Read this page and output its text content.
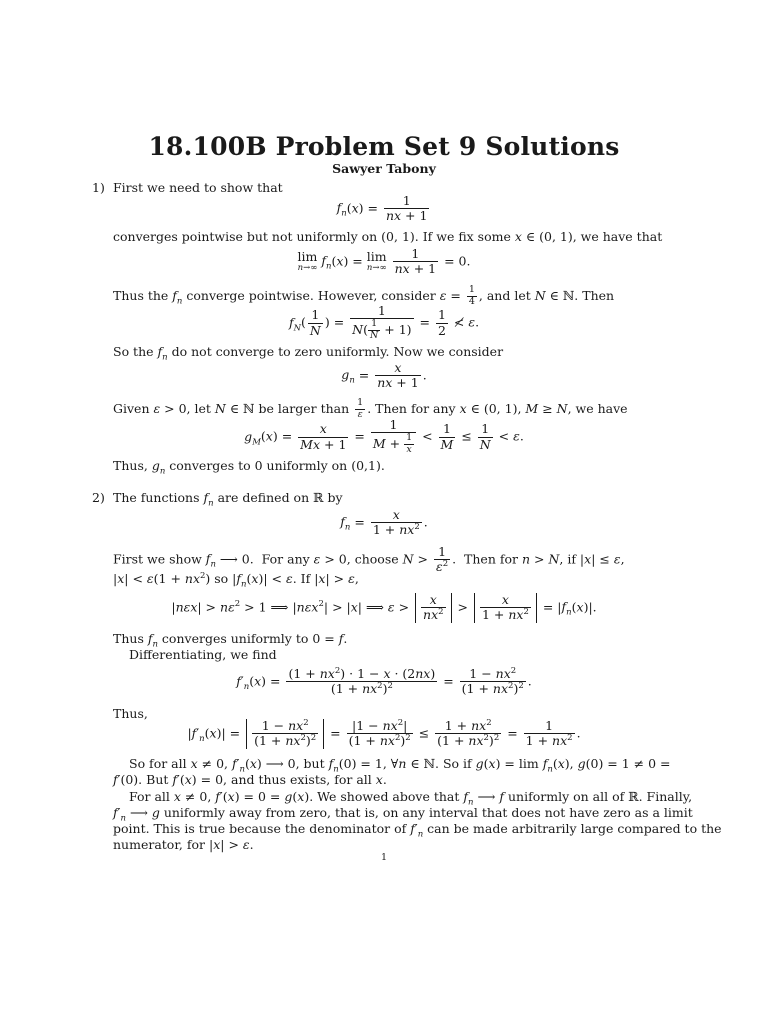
18.100B Problem Set 9 Solutions
Sawyer Tabony
1) First we need to show that
$f_n(x) = \frac{1}{nx + 1}$
converges pointwise but not uniformly on (0, 1). If we fix some x ∈ (0, 1), we have that
lim
n→∞ $f_n(x) = \lim$
n→∞
$\frac{1}{nx + 1} = 0$.
Thus the $f_n$ converge pointwise. However, consider $\varepsilon = \frac{1}{4}$ , and let N ∈ ℕ. Then
$f_N( \frac{1}{N}$ ) = $\frac{1}{N( \frac{1}{N} + 1)} = \frac{1}{2}$ ≮ ε.
So the $f_n$ do not converge to zero uniformly. Now we consider
$g_n = \frac{x}{nx + 1}$ .
Given ε > 0, let N ∈ ℕ be larger than $\frac{1}{\varepsilon}$ . Then for any x ∈ (0, 1), M ≥ N, we have
$g_M(x) = \frac{x}{Mx + 1} = \frac{1}{M + \frac{1}{x}} < \frac{1}{M} \le \frac{1}{N} < \varepsilon$.
Thus, $g_n$ converges to 0 uniformly on (0,1).
2) The functions $f_n$ are defined on ℝ by
$f_n = \frac{x}{1 + nx^2}$ .
First we show $f_n$ ⟶ 0.  For any ε > 0, choose $N > \frac{1}{\varepsilon^2}$ .  Then for n > N, if |x| ≤ ε,
$|x| < \varepsilon(1 + nx^2)$ so $|f_n(x)| < \varepsilon$. If |x| > ε,
$|n\varepsilon x| > n\varepsilon^2 > 1$ ⟹ |nεx$^2$| > |x| ⟹ $\varepsilon > \frac{x}{nx^2} > \frac{x}{1 + nx^2} = |f_n(x)|$.
Thus $f_n$ converges uniformly to 0 = f.
Differentiating, we find
$f'_n(x) = \frac{(1 + nx^2) \cdot 1 - x \cdot (2nx)}{(1 + nx^2)^2} = \frac{1 - nx^2}{(1 + nx^2)^2}$ .
Thus,
$|f'_n(x)| = \frac{1 - nx^2}{(1 + nx^2)^2} = \frac{|1 - nx^2|}{(1 + nx^2)^2} \le \frac{1 + nx^2}{(1 + nx^2)^2} = \frac{1}{1 + nx^2}$ .
So for all x ≠ 0, $f'_n(x)$ ⟶ 0, but $f_n(0) = 1$, ∀n ∈ ℕ. So if $g(x) = \lim f_n(x)$, g(0) = 1 ≠ 0 =
f′(0). But f′(x) = 0, and thus exists, for all x.
For all x ≠ 0, f′(x) = 0 = g(x). We showed above that $f_n$ ⟶ f uniformly on all of ℝ. Finally,
$f'_n$ ⟶ g uniformly away from zero, that is, on any interval that does not have zero as a limit
point. This is true because the denominator of $f'_n$ can be made arbitrarily large compared to the
numerator, for |x| > ε.
1
